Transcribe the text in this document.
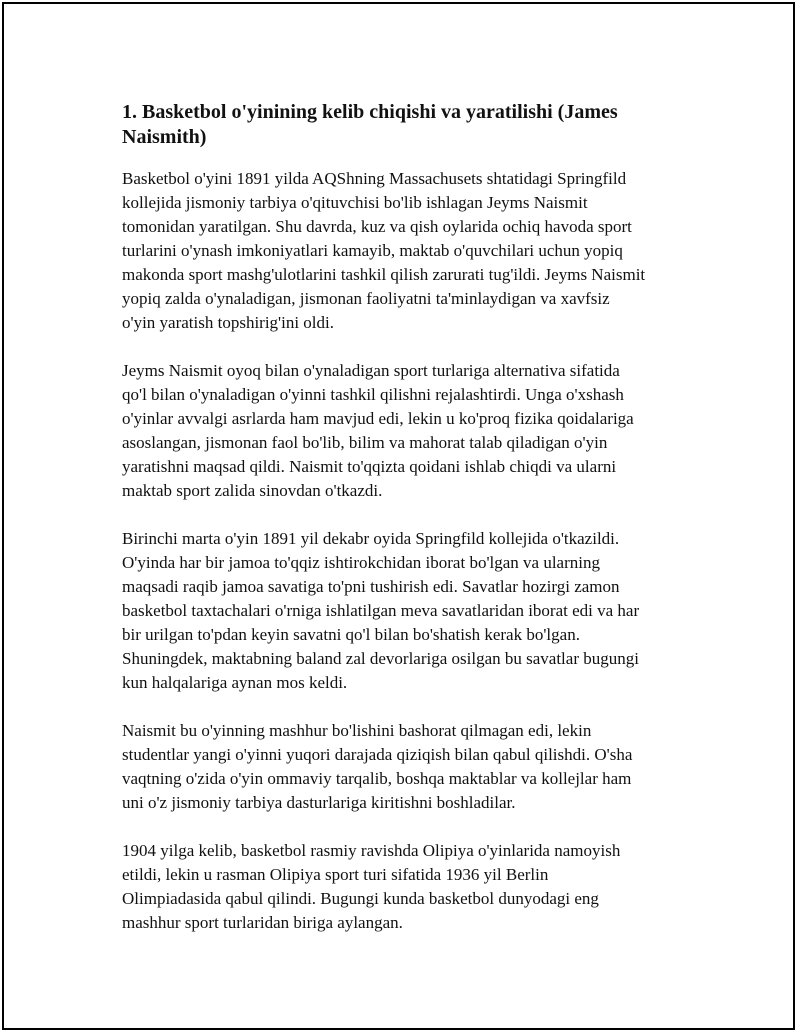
1. Basketbol o'yinining kelib chiqishi va yaratilishi (James
Naismith)

Basketbol o'yini 1891 yilda AQShning Massachusets shtatidagi Springfild
kollejida jismoniy tarbiya o'qituvchisi bo'lib ishlagan Jeyms Naismit
tomonidan yaratilgan. Shu davrda, kuz va qish oylarida ochiq havoda sport
turlarini o'ynash imkoniyatlari kamayib, maktab o'quvchilari uchun yopiq
makonda sport mashg'ulotlarini tashkil qilish zarurati tug'ildi. Jeyms Naismit
yopiq zalda o'ynaladigan, jismonan faoliyatni ta'minlaydigan va xavfsiz
o'yin yaratish topshirig'ini oldi.

Jeyms Naismit oyoq bilan o'ynaladigan sport turlariga alternativa sifatida
qo'l bilan o'ynaladigan o'yinni tashkil qilishni rejalashtirdi. Unga o'xshash
o'yinlar avvalgi asrlarda ham mavjud edi, lekin u ko'proq fizika qoidalariga
asoslangan, jismonan faol bo'lib, bilim va mahorat talab qiladigan o'yin
yaratishni maqsad qildi. Naismit to'qqizta qoidani ishlab chiqdi va ularni
maktab sport zalida sinovdan o'tkazdi.

Birinchi marta o'yin 1891 yil dekabr oyida Springfild kollejida o'tkazildi.
O'yinda har bir jamoa to'qqiz ishtirokchidan iborat bo'lgan va ularning
maqsadi raqib jamoa savatiga to'pni tushirish edi. Savatlar hozirgi zamon
basketbol taxtachalari o'rniga ishlatilgan meva savatlaridan iborat edi va har
bir urilgan to'pdan keyin savatni qo'l bilan bo'shatish kerak bo'lgan.
Shuningdek, maktabning baland zal devorlariga osilgan bu savatlar bugungi
kun halqalariga aynan mos keldi.

Naismit bu o'yinning mashhur bo'lishini bashorat qilmagan edi, lekin
studentlar yangi o'yinni yuqori darajada qiziqish bilan qabul qilishdi. O'sha
vaqtning o'zida o'yin ommaviy tarqalib, boshqa maktablar va kollejlar ham
uni o'z jismoniy tarbiya dasturlariga kiritishni boshladilar.

1904 yilga kelib, basketbol rasmiy ravishda Olipiya o'yinlarida namoyish
etildi, lekin u rasman Olipiya sport turi sifatida 1936 yil Berlin
Olimpiadasida qabul qilindi. Bugungi kunda basketbol dunyodagi eng
mashhur sport turlaridan biriga aylangan.
